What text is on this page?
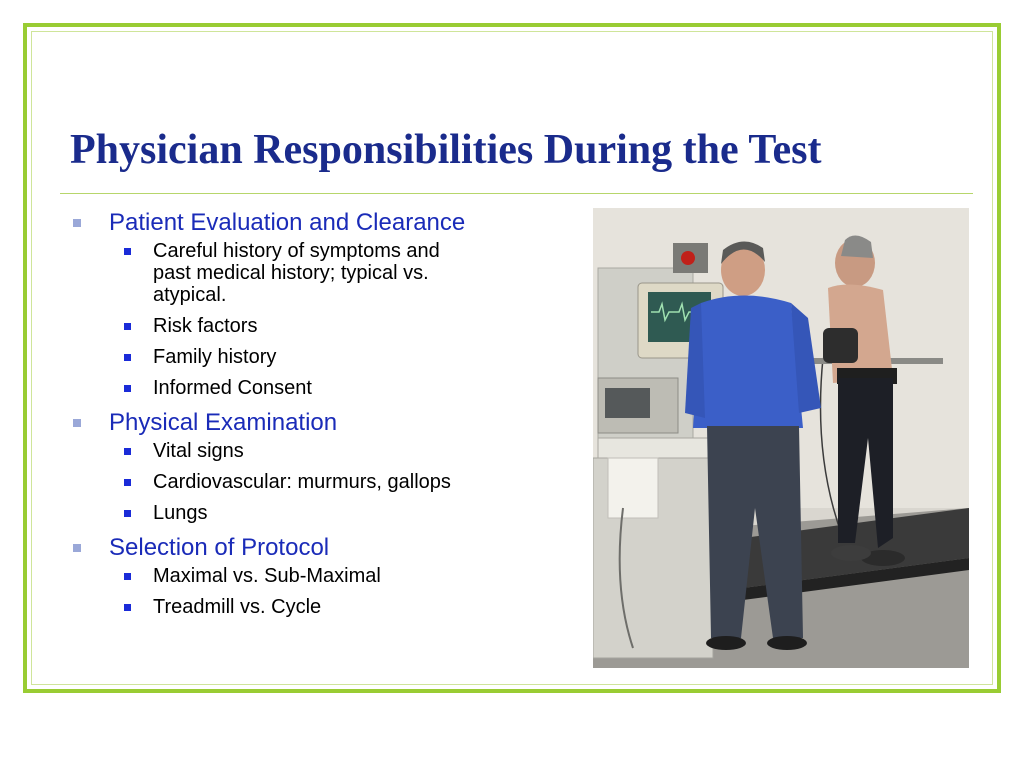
Physician Responsibilities During the Test
Patient Evaluation and Clearance
Careful history of symptoms and past medical history; typical vs. atypical.
Risk factors
Family history
Informed Consent
Physical Examination
Vital signs
Cardiovascular: murmurs, gallops
Lungs
Selection of Protocol
Maximal vs. Sub-Maximal
Treadmill vs. Cycle
